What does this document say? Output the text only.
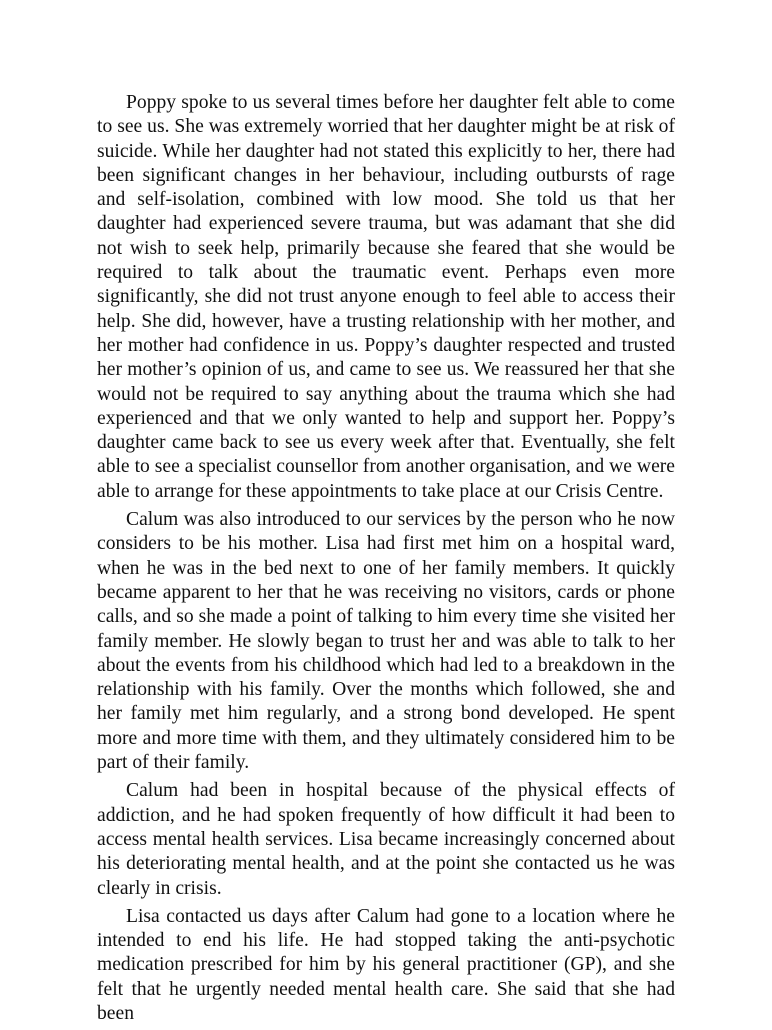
Poppy spoke to us several times before her daughter felt able to come to see us. She was extremely worried that her daughter might be at risk of suicide. While her daughter had not stated this explicitly to her, there had been significant changes in her behaviour, including outbursts of rage and self-isolation, combined with low mood. She told us that her daughter had experienced severe trauma, but was adamant that she did not wish to seek help, primarily because she feared that she would be required to talk about the traumatic event. Perhaps even more significantly, she did not trust anyone enough to feel able to access their help. She did, however, have a trusting relationship with her mother, and her mother had confidence in us. Poppy’s daughter respected and trusted her mother’s opinion of us, and came to see us. We reassured her that she would not be required to say anything about the trauma which she had experienced and that we only wanted to help and support her. Poppy’s daughter came back to see us every week after that. Eventually, she felt able to see a specialist counsellor from another organisation, and we were able to arrange for these appointments to take place at our Crisis Centre.

Calum was also introduced to our services by the person who he now considers to be his mother. Lisa had first met him on a hospital ward, when he was in the bed next to one of her family members. It quickly became apparent to her that he was receiving no visitors, cards or phone calls, and so she made a point of talking to him every time she visited her family member. He slowly began to trust her and was able to talk to her about the events from his childhood which had led to a breakdown in the relationship with his family. Over the months which followed, she and her family met him regularly, and a strong bond developed. He spent more and more time with them, and they ultimately considered him to be part of their family.

Calum had been in hospital because of the physical effects of addiction, and he had spoken frequently of how difficult it had been to access mental health services. Lisa became increasingly concerned about his deteriorating mental health, and at the point she contacted us he was clearly in crisis.

Lisa contacted us days after Calum had gone to a location where he intended to end his life. He had stopped taking the anti-psychotic medication prescribed for him by his general practitioner (GP), and she felt that he urgently needed mental health care. She said that she had been
